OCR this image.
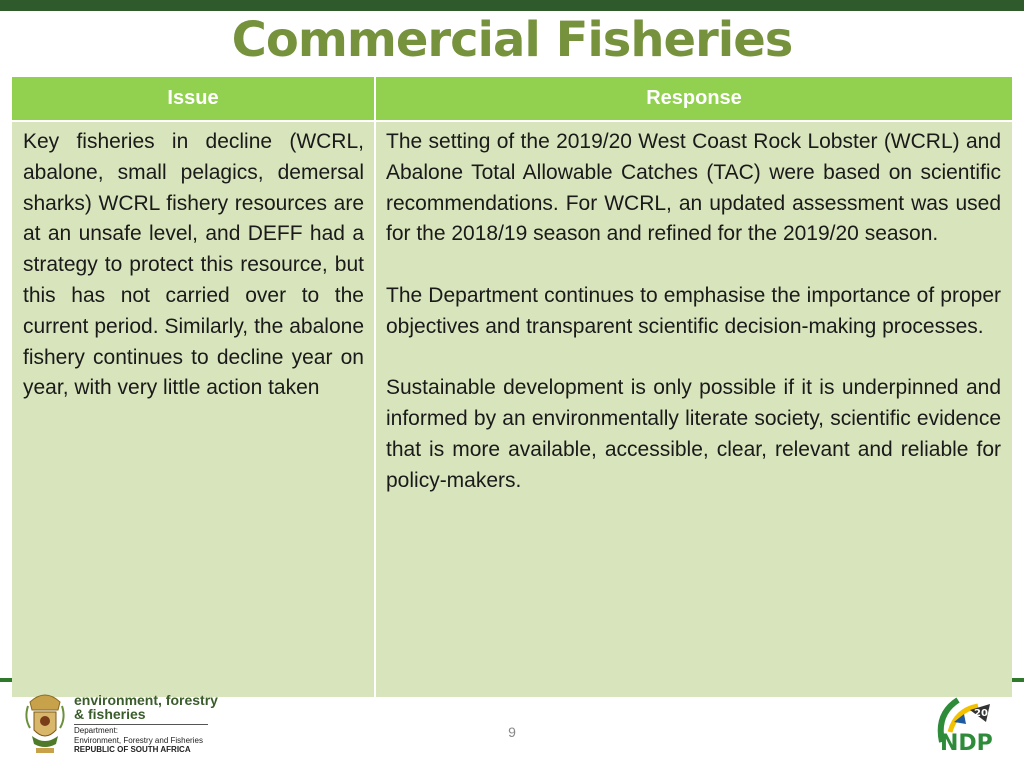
Commercial Fisheries
Issue	Response

Key fisheries in decline (WCRL, abalone, small pelagics, demersal sharks) WCRL fishery resources are at an unsafe level, and DEFF had a strategy to protect this resource, but this has not carried over to the current period. Similarly, the abalone fishery continues to decline year on year, with very little action taken

The setting of the 2019/20 West Coast Rock Lobster (WCRL) and Abalone Total Allowable Catches (TAC) were based on scientific recommendations. For WCRL, an updated assessment was used for the 2018/19 season and refined for the 2019/20 season.

The Department continues to emphasise the importance of proper objectives and transparent scientific decision-making processes.

Sustainable development is only possible if it is underpinned and informed by an environmentally literate society, scientific evidence that is more available, accessible, clear, relevant and reliable for policy-makers.

environment, forestry
& fisheries
Department:
Environment, Forestry and Fisheries
REPUBLIC OF SOUTH AFRICA
9
2030
NDP
